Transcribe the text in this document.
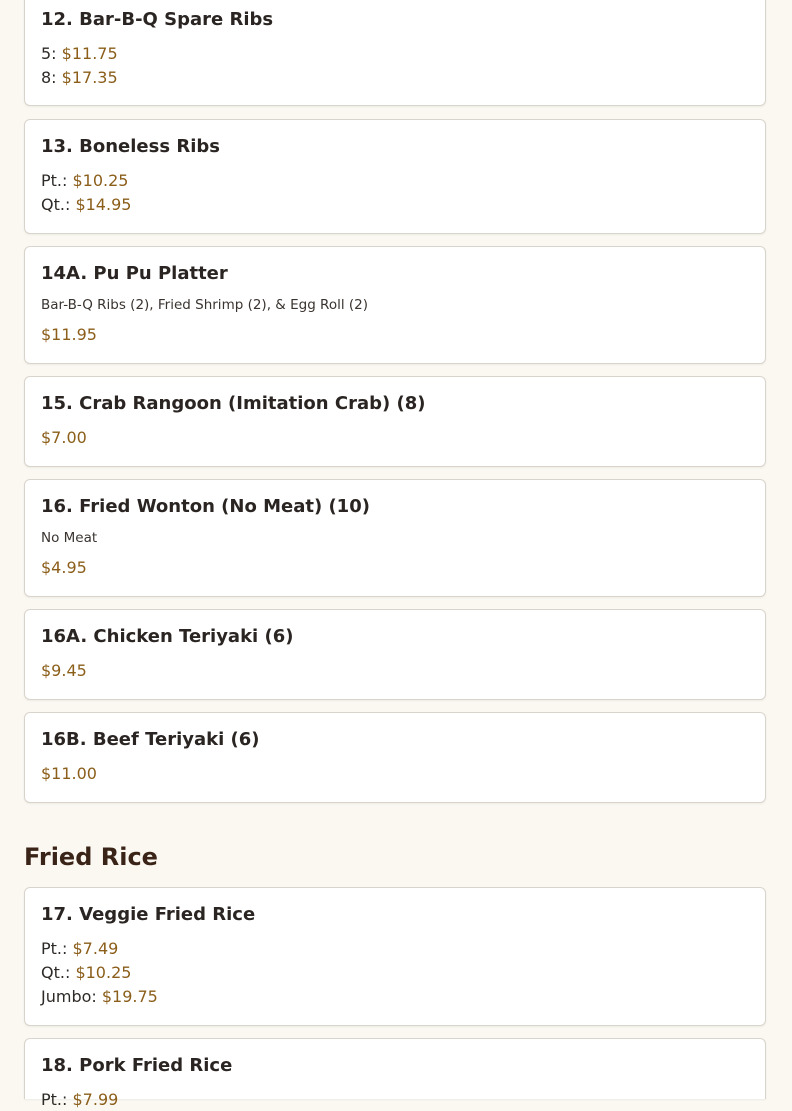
12. Bar-B-Q Spare Ribs
5: $11.75
8: $17.35
13. Boneless Ribs
Pt.: $10.25
Qt.: $14.95
14A. Pu Pu Platter
Bar-B-Q Ribs (2), Fried Shrimp (2), & Egg Roll (2)
$11.95
15. Crab Rangoon (Imitation Crab) (8)
$7.00
16. Fried Wonton (No Meat) (10)
No Meat
$4.95
16A. Chicken Teriyaki (6)
$9.45
16B. Beef Teriyaki (6)
$11.00
Fried Rice
17. Veggie Fried Rice
Pt.: $7.49
Qt.: $10.25
Jumbo: $19.75
18. Pork Fried Rice
Pt.: $7.99
